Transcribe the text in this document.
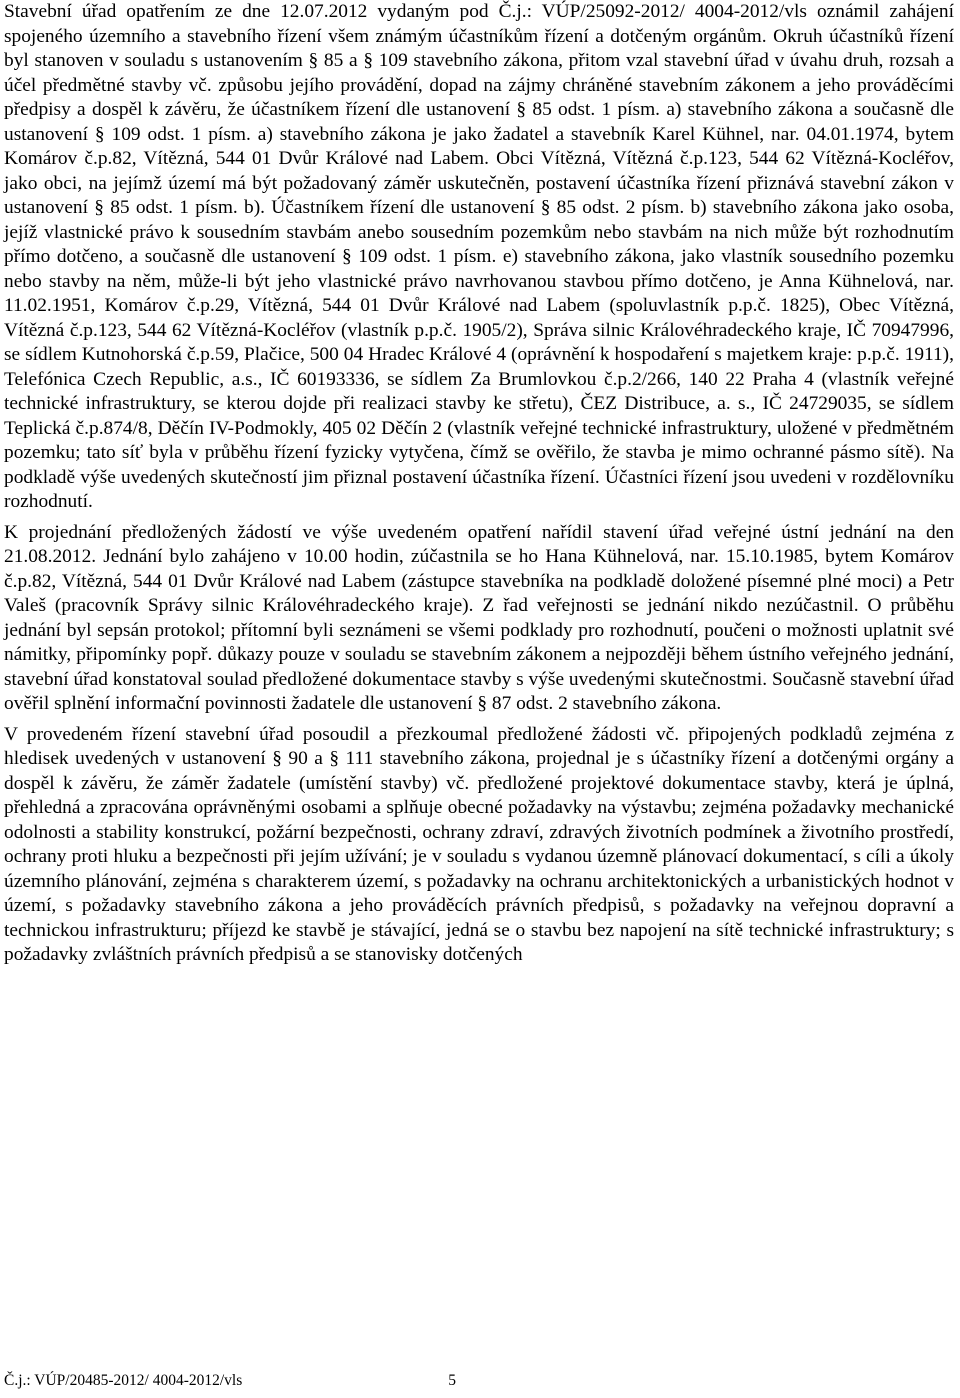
Stavební úřad opatřením ze dne 12.07.2012 vydaným pod Č.j.: VÚP/25092-2012/ 4004-2012/vls oznámil zahájení spojeného územního a stavebního řízení všem známým účastníkům řízení a dotčeným orgánům. Okruh účastníků řízení byl stanoven v souladu s ustanovením § 85 a § 109 stavebního zákona, přitom vzal stavební úřad v úvahu druh, rozsah a účel předmětné stavby vč. způsobu jejího provádění, dopad na zájmy chráněné stavebním zákonem a jeho prováděcími předpisy a dospěl k závěru, že účastníkem řízení dle ustanovení § 85 odst. 1 písm. a) stavebního zákona a současně dle ustanovení § 109 odst. 1 písm. a) stavebního zákona je jako žadatel a stavebník Karel Kühnel, nar. 04.01.1974, bytem Komárov č.p.82, Vítězná, 544 01 Dvůr Králové nad Labem. Obci Vítězná, Vítězná č.p.123, 544 62 Vítězná-Kocléřov, jako obci, na jejímž území má být požadovaný záměr uskutečněn, postavení účastníka řízení přiznává stavební zákon v ustanovení § 85 odst. 1 písm. b). Účastníkem řízení dle ustanovení § 85 odst. 2 písm. b) stavebního zákona jako osoba, jejíž vlastnické právo k sousedním stavbám anebo sousedním pozemkům nebo stavbám na nich může být rozhodnutím přímo dotčeno, a současně dle ustanovení § 109 odst. 1 písm. e) stavebního zákona, jako vlastník sousedního pozemku nebo stavby na něm, může-li být jeho vlastnické právo navrhovanou stavbou přímo dotčeno, je Anna Kühnelová, nar. 11.02.1951, Komárov č.p.29, Vítězná, 544 01 Dvůr Králové nad Labem (spoluvlastník p.p.č. 1825), Obec Vítězná, Vítězná č.p.123, 544 62 Vítězná-Kocléřov (vlastník p.p.č. 1905/2), Správa silnic Královéhradeckého kraje, IČ 70947996, se sídlem Kutnohorská č.p.59, Plačice, 500 04 Hradec Králové 4 (oprávnění k hospodaření s majetkem kraje: p.p.č. 1911), Telefónica Czech Republic, a.s., IČ 60193336, se sídlem Za Brumlovkou č.p.2/266, 140 22 Praha 4 (vlastník veřejné technické infrastruktury, se kterou dojde při realizaci stavby ke střetu), ČEZ Distribuce, a. s., IČ 24729035, se sídlem Teplická č.p.874/8, Děčín IV-Podmokly, 405 02 Děčín 2 (vlastník veřejné technické infrastruktury, uložené v předmětném pozemku; tato síť byla v průběhu řízení fyzicky vytyčena, čímž se ověřilo, že stavba je mimo ochranné pásmo sítě). Na podkladě výše uvedených skutečností jim přiznal postavení účastníka řízení. Účastníci řízení jsou uvedeni v rozdělovníku rozhodnutí.

K projednání předložených žádostí ve výše uvedeném opatření nařídil stavení úřad veřejné ústní jednání na den 21.08.2012. Jednání bylo zahájeno v 10.00 hodin, zúčastnila se ho Hana Kühnelová, nar. 15.10.1985, bytem Komárov č.p.82, Vítězná, 544 01 Dvůr Králové nad Labem (zástupce stavebníka na podkladě doložené písemné plné moci) a Petr Valeš (pracovník Správy silnic Královéhradeckého kraje). Z řad veřejnosti se jednání nikdo nezúčastnil. O průběhu jednání byl sepsán protokol; přítomní byli seznámeni se všemi podklady pro rozhodnutí, poučeni o možnosti uplatnit své námitky, připomínky popř. důkazy pouze v souladu se stavebním zákonem a nejpozději během ústního veřejného jednání, stavební úřad konstatoval soulad předložené dokumentace stavby s výše uvedenými skutečnostmi. Současně stavební úřad ověřil splnění informační povinnosti žadatele dle ustanovení § 87 odst. 2 stavebního zákona.

V provedeném řízení stavební úřad posoudil a přezkoumal předložené žádosti vč. připojených podkladů zejména z hledisek uvedených v ustanovení § 90 a § 111 stavebního zákona, projednal je s účastníky řízení a dotčenými orgány a dospěl k závěru, že záměr žadatele (umístění stavby) vč. předložené projektové dokumentace stavby, která je úplná, přehledná a zpracována oprávněnými osobami a splňuje obecné požadavky na výstavbu; zejména požadavky mechanické odolnosti a stability konstrukcí, požární bezpečnosti, ochrany zdraví, zdravých životních podmínek a životního prostředí, ochrany proti hluku a bezpečnosti při jejím užívání; je v souladu s vydanou územně plánovací dokumentací, s cíli a úkoly územního plánování, zejména s charakterem území, s požadavky na ochranu architektonických a urbanistických hodnot v území, s požadavky stavebního zákona a jeho prováděcích právních předpisů, s požadavky na veřejnou dopravní a technickou infrastrukturu; příjezd ke stavbě je stávající, jedná se o stavbu bez napojení na sítě technické infrastruktury; s požadavky zvláštních právních předpisů a se stanovisky dotčených

Č.j.: VÚP/20485-2012/ 4004-2012/vls	5
